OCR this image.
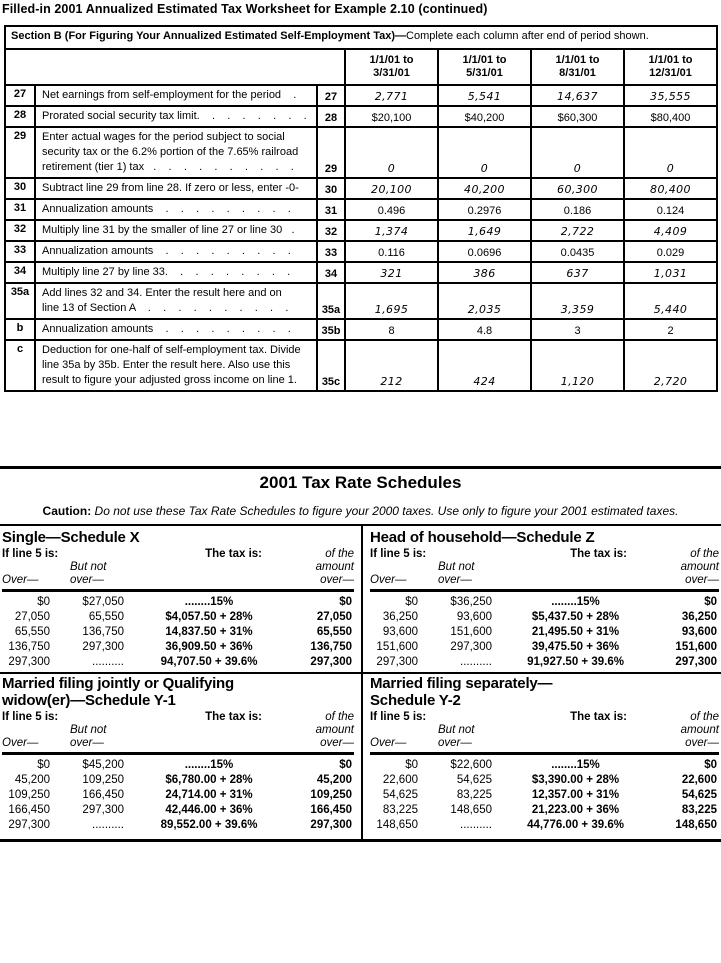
Filled-in 2001 Annualized Estimated Tax Worksheet for Example 2.10 (continued)
Section B (For Figuring Your Annualized Estimated Self-Employment Tax)—Complete each column after end of period shown.						

1/1/01 to
3/31/01

1/1/01 to
5/31/01

1/1/01 to
8/31/01

1/1/01 to
12/31/01

27	Net earnings from self-employment for the period    .	27	2,771	5,541	14,637	35,555
28	Prorated social security tax limit.    .    .    .    .    .    .    .	28	$20,100	$40,200	$60,300	$80,400
29	Enter actual wages for the period subject to social
security tax or the 6.2% portion of the 7.65% railroad
retirement (tier 1) tax   .    .    .    .    .    .    .    .    .    .	29	0	0	0	0
30	Subtract line 29 from line 28. If zero or less, enter -0-	30	20,100	40,200	60,300	80,400
31	Annualization amounts    .    .    .    .    .    .    .    .    .	31	0.496	0.2976	0.186	0.124
32	Multiply line 31 by the smaller of line 27 or line 30   .	32	1,374	1,649	2,722	4,409
33	Annualization amounts    .    .    .    .    .    .    .    .    .	33	0.116	0.0696	0.0435	0.029
34	Multiply line 27 by line 33.    .    .    .    .    .    .    .    .	34	321	386	637	1,031
35a	Add lines 32 and 34. Enter the result here and on
line 13 of Section A    .    .    .    .    .    .    .    .    .    .	35a	1,695	2,035	3,359	5,440
b	Annualization amounts    .    .    .    .    .    .    .    .    .	35b	8	4.8	3	2
c	Deduction for one-half of self-employment tax. Divide
line 35a by 35b. Enter the result here. Also use this
result to figure your adjusted gross income on line 1.	35c	212	424	1,120	2,720
2001 Tax Rate Schedules
Caution: Do not use these Tax Rate Schedules to figure your 2000 taxes. Use only to figure your 2001 estimated taxes.
Single—Schedule X
If line 5 is:	The tax is:	of the
But not	amount
Over—	over—	over—
$0	$27,050	........15%	$0
27,050	65,550	$4,057.50 + 28%	27,050
65,550	136,750	14,837.50 + 31%	65,550
136,750	297,300	36,909.50 + 36%	136,750
297,300	..........	94,707.50 + 39.6%	297,300
Head of household—Schedule Z
If line 5 is:	The tax is:	of the
But not	amount
Over—	over—	over—
$0	$36,250	........15%	$0
36,250	93,600	$5,437.50 + 28%	36,250
93,600	151,600	21,495.50 + 31%	93,600
151,600	297,300	39,475.50 + 36%	151,600
297,300	..........	91,927.50 + 39.6%	297,300
Married filing jointly or Qualifying
widow(er)—Schedule Y-1
If line 5 is:	The tax is:	of the
But not	amount
Over—	over—	over—
$0	$45,200	........15%	$0
45,200	109,250	$6,780.00 + 28%	45,200
109,250	166,450	24,714.00 + 31%	109,250
166,450	297,300	42,446.00 + 36%	166,450
297,300	..........	89,552.00 + 39.6%	297,300
Married filing separately—
Schedule Y-2
If line 5 is:	The tax is:	of the
But not	amount
Over—	over—	over—
$0	$22,600	........15%	$0
22,600	54,625	$3,390.00 + 28%	22,600
54,625	83,225	12,357.00 + 31%	54,625
83,225	148,650	21,223.00 + 36%	83,225
148,650	..........	44,776.00 + 39.6%	148,650
